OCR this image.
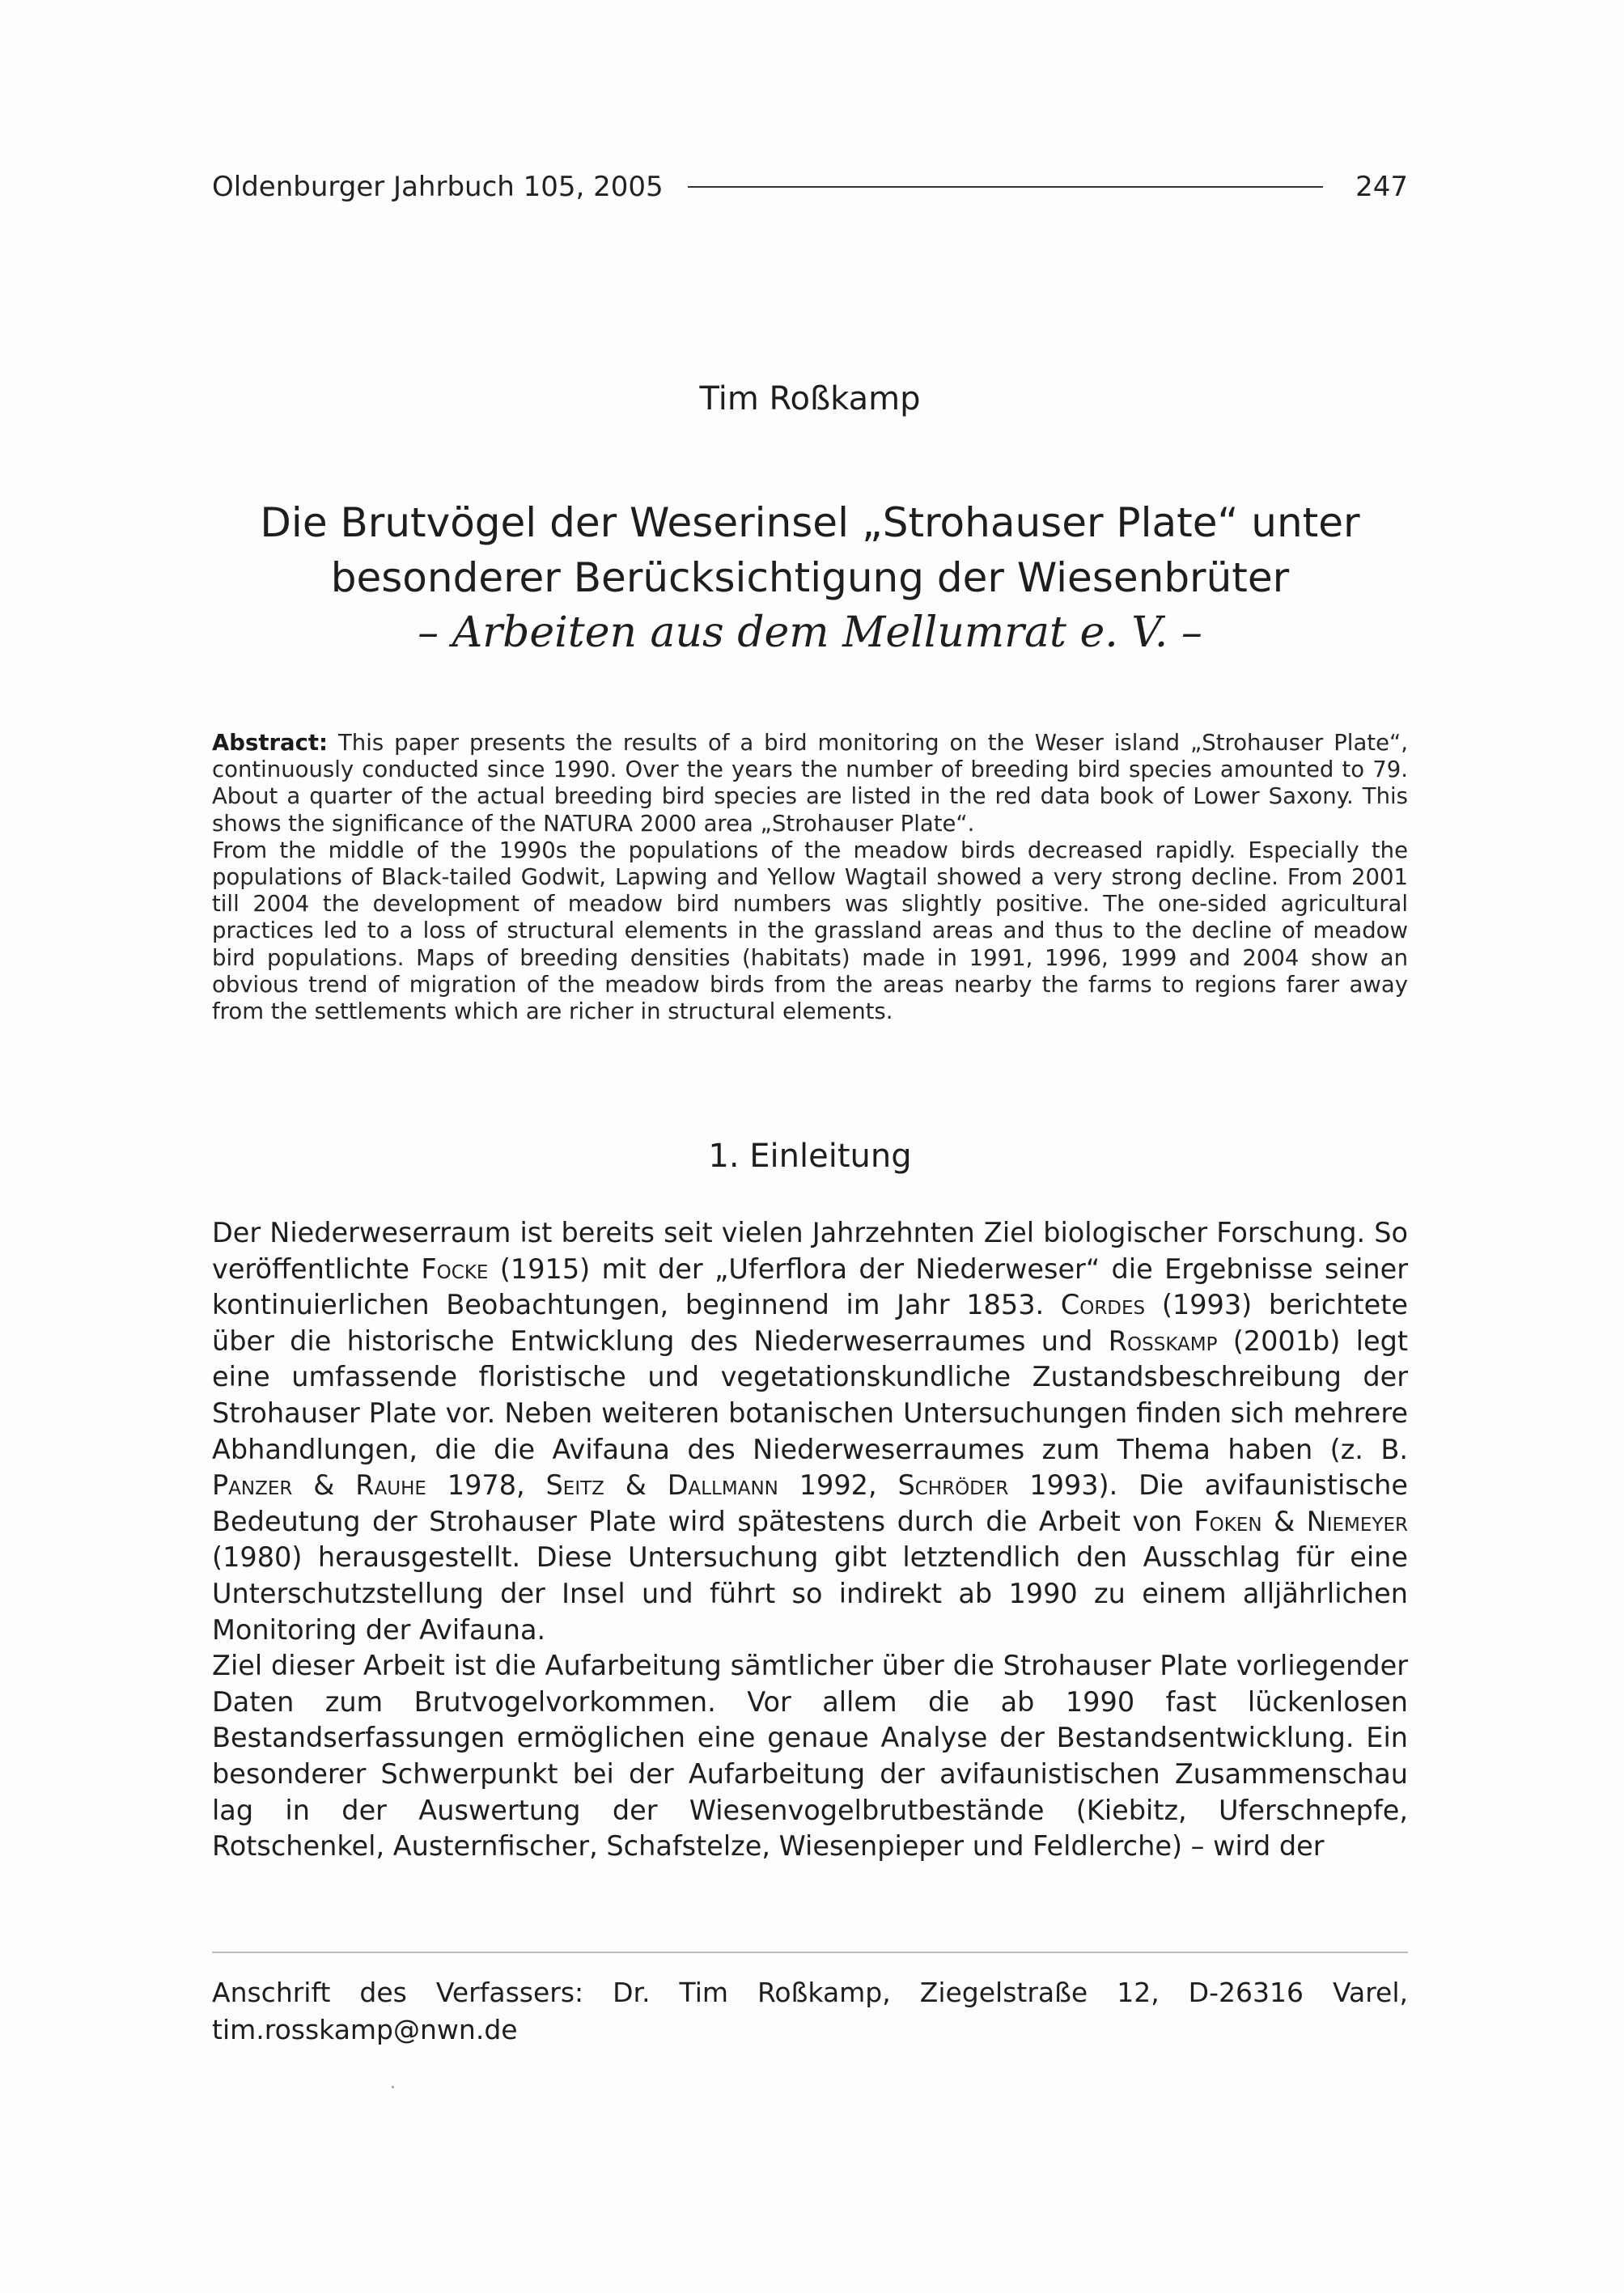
Oldenburger Jahrbuch 105, 2005	247
Tim Roßkamp
Die Brutvögel der Weserinsel „Strohauser Plate“ unter
besonderer Berücksichtigung der Wiesenbrüter
– Arbeiten aus dem Mellumrat e. V. –

Abstract: This paper presents the results of a bird monitoring on the Weser island „Strohauser Plate“, continuously conducted since 1990. Over the years the number of breeding bird species amounted to 79. About a quarter of the actual breeding bird species are listed in the red data book of Lower Saxony. This shows the significance of the NATURA 2000 area „Strohauser Plate“.

From the middle of the 1990s the populations of the meadow birds decreased rapidly. Especially the populations of Black-tailed Godwit, Lapwing and Yellow Wagtail showed a very strong decline. From 2001 till 2004 the development of meadow bird numbers was slightly positive. The one-sided agricultural practices led to a loss of structural elements in the grassland areas and thus to the decline of meadow bird populations. Maps of breeding densities (habitats) made in 1991, 1996, 1999 and 2004 show an obvious trend of migration of the meadow birds from the areas nearby the farms to regions farer away from the settlements which are richer in structural elements.

1. Einleitung

Der Niederweserraum ist bereits seit vielen Jahrzehnten Ziel biologischer Forschung. So veröffentlichte Focke (1915) mit der „Uferflora der Niederweser“ die Ergebnisse seiner kontinuierlichen Beobachtungen, beginnend im Jahr 1853. Cordes (1993) berichtete über die historische Entwicklung des Niederweserraumes und Rosskamp (2001b) legt eine umfassende floristische und vegetationskundliche Zustandsbeschreibung der Strohauser Plate vor. Neben weiteren botanischen Untersuchungen finden sich mehrere Abhandlungen, die die Avifauna des Niederweserraumes zum Thema haben (z. B. Panzer & Rauhe 1978, Seitz & Dallmann 1992, Schröder 1993). Die avifaunistische Bedeutung der Strohauser Plate wird spätestens durch die Arbeit von Foken & Niemeyer (1980) herausgestellt. Diese Untersuchung gibt letztendlich den Ausschlag für eine Unterschutzstellung der Insel und führt so indirekt ab 1990 zu einem alljährlichen Monitoring der Avifauna.

Ziel dieser Arbeit ist die Aufarbeitung sämtlicher über die Strohauser Plate vorliegender Daten zum Brutvogelvorkommen. Vor allem die ab 1990 fast lückenlosen Bestandserfassungen ermöglichen eine genaue Analyse der Bestandsentwicklung. Ein besonderer Schwerpunkt bei der Aufarbeitung der avifaunistischen Zusammenschau lag in der Auswertung der Wiesenvogelbrutbestände (Kiebitz, Uferschnepfe, Rotschenkel, Austernfischer, Schafstelze, Wiesenpieper und Feldlerche) – wird der

Anschrift des Verfassers: Dr. Tim Roßkamp, Ziegelstraße 12, D-26316 Varel, tim.rosskamp@nwn.de
